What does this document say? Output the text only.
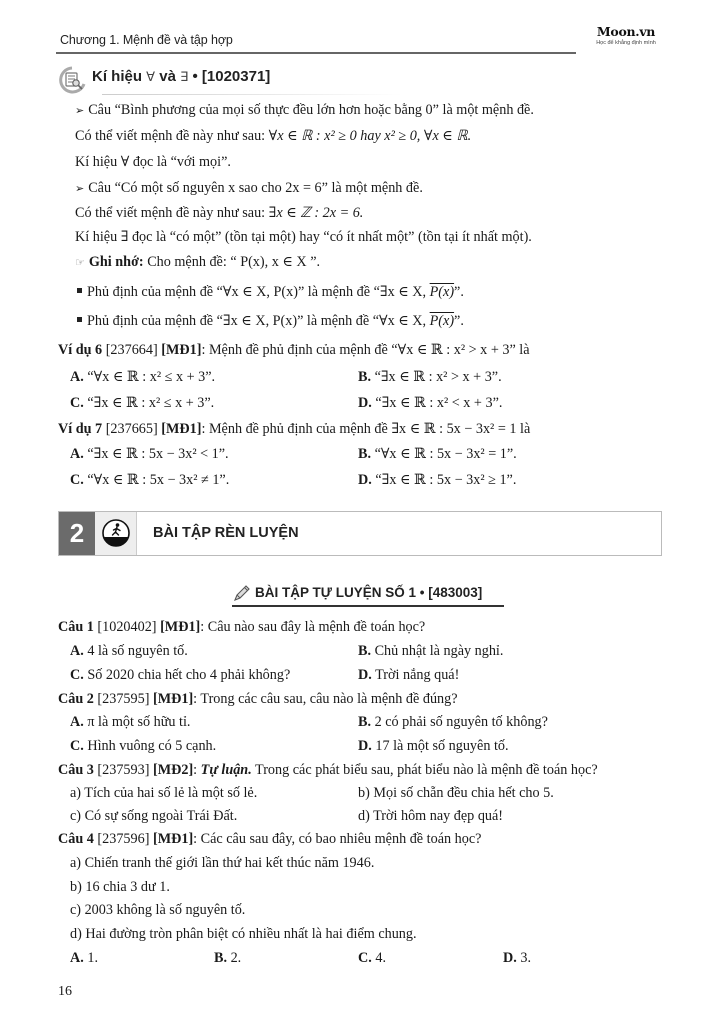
Chương 1. Mệnh đề và tập hợp
Moon.vn
Học để khẳng định mình
Kí hiệu ∀ và ∃ • [1020371]
➢ Câu “Bình phương của mọi số thực đều lớn hơn hoặc bằng 0” là một mệnh đề.
Có thể viết mệnh đề này như sau: ∀x ∈ ℝ : x² ≥ 0 hay x² ≥ 0, ∀x ∈ ℝ.
Kí hiệu ∀ đọc là “với mọi”.
➢ Câu “Có một số nguyên x sao cho 2x = 6” là một mệnh đề.
Có thể viết mệnh đề này như sau: ∃x ∈ ℤ : 2x = 6.
Kí hiệu ∃ đọc là “có một” (tồn tại một) hay “có ít nhất một” (tồn tại ít nhất một).
☞ Ghi nhớ: Cho mệnh đề: “ P(x), x ∈ X ”.
Phủ định của mệnh đề “∀x ∈ X, P(x)” là mệnh đề “∃x ∈ X, P(x)”.
Phủ định của mệnh đề “∃x ∈ X, P(x)” là mệnh đề “∀x ∈ X, P(x)”.
Ví dụ 6 [237664] [MĐ1]: Mệnh đề phủ định của mệnh đề “∀x ∈ ℝ : x² > x + 3” là
A. “∀x ∈ ℝ : x² ≤ x + 3”.	B. “∃x ∈ ℝ : x² > x + 3”.
C. “∃x ∈ ℝ : x² ≤ x + 3”.	D. “∃x ∈ ℝ : x² < x + 3”.
Ví dụ 7 [237665] [MĐ1]: Mệnh đề phủ định của mệnh đề ∃x ∈ ℝ : 5x − 3x² = 1 là
A. “∃x ∈ ℝ : 5x − 3x² < 1”.	B. “∀x ∈ ℝ : 5x − 3x² = 1”.
C. “∀x ∈ ℝ : 5x − 3x² ≠ 1”.	D. “∃x ∈ ℝ : 5x − 3x² ≥ 1”.
2	BÀI TẬP RÈN LUYỆN
BÀI TẬP TỰ LUYỆN SỐ 1 • [483003]
Câu 1 [1020402] [MĐ1]: Câu nào sau đây là mệnh đề toán học?
A. 4 là số nguyên tố.	B. Chủ nhật là ngày nghỉ.
C. Số 2020 chia hết cho 4 phải không?	D. Trời nắng quá!
Câu 2 [237595] [MĐ1]: Trong các câu sau, câu nào là mệnh đề đúng?
A. π là một số hữu tỉ.	B. 2 có phải số nguyên tố không?
C. Hình vuông có 5 cạnh.	D. 17 là một số nguyên tố.
Câu 3 [237593] [MĐ2]: Tự luận. Trong các phát biểu sau, phát biểu nào là mệnh đề toán học?
a) Tích của hai số lẻ là một số lẻ.	b) Mọi số chẵn đều chia hết cho 5.
c) Có sự sống ngoài Trái Đất.	d) Trời hôm nay đẹp quá!
Câu 4 [237596] [MĐ1]: Các câu sau đây, có bao nhiêu mệnh đề toán học?
a) Chiến tranh thế giới lần thứ hai kết thúc năm 1946.
b) 16 chia 3 dư 1.
c) 2003 không là số nguyên tố.
d) Hai đường tròn phân biệt có nhiều nhất là hai điểm chung.
A. 1.	B. 2.	C. 4.	D. 3.
16
